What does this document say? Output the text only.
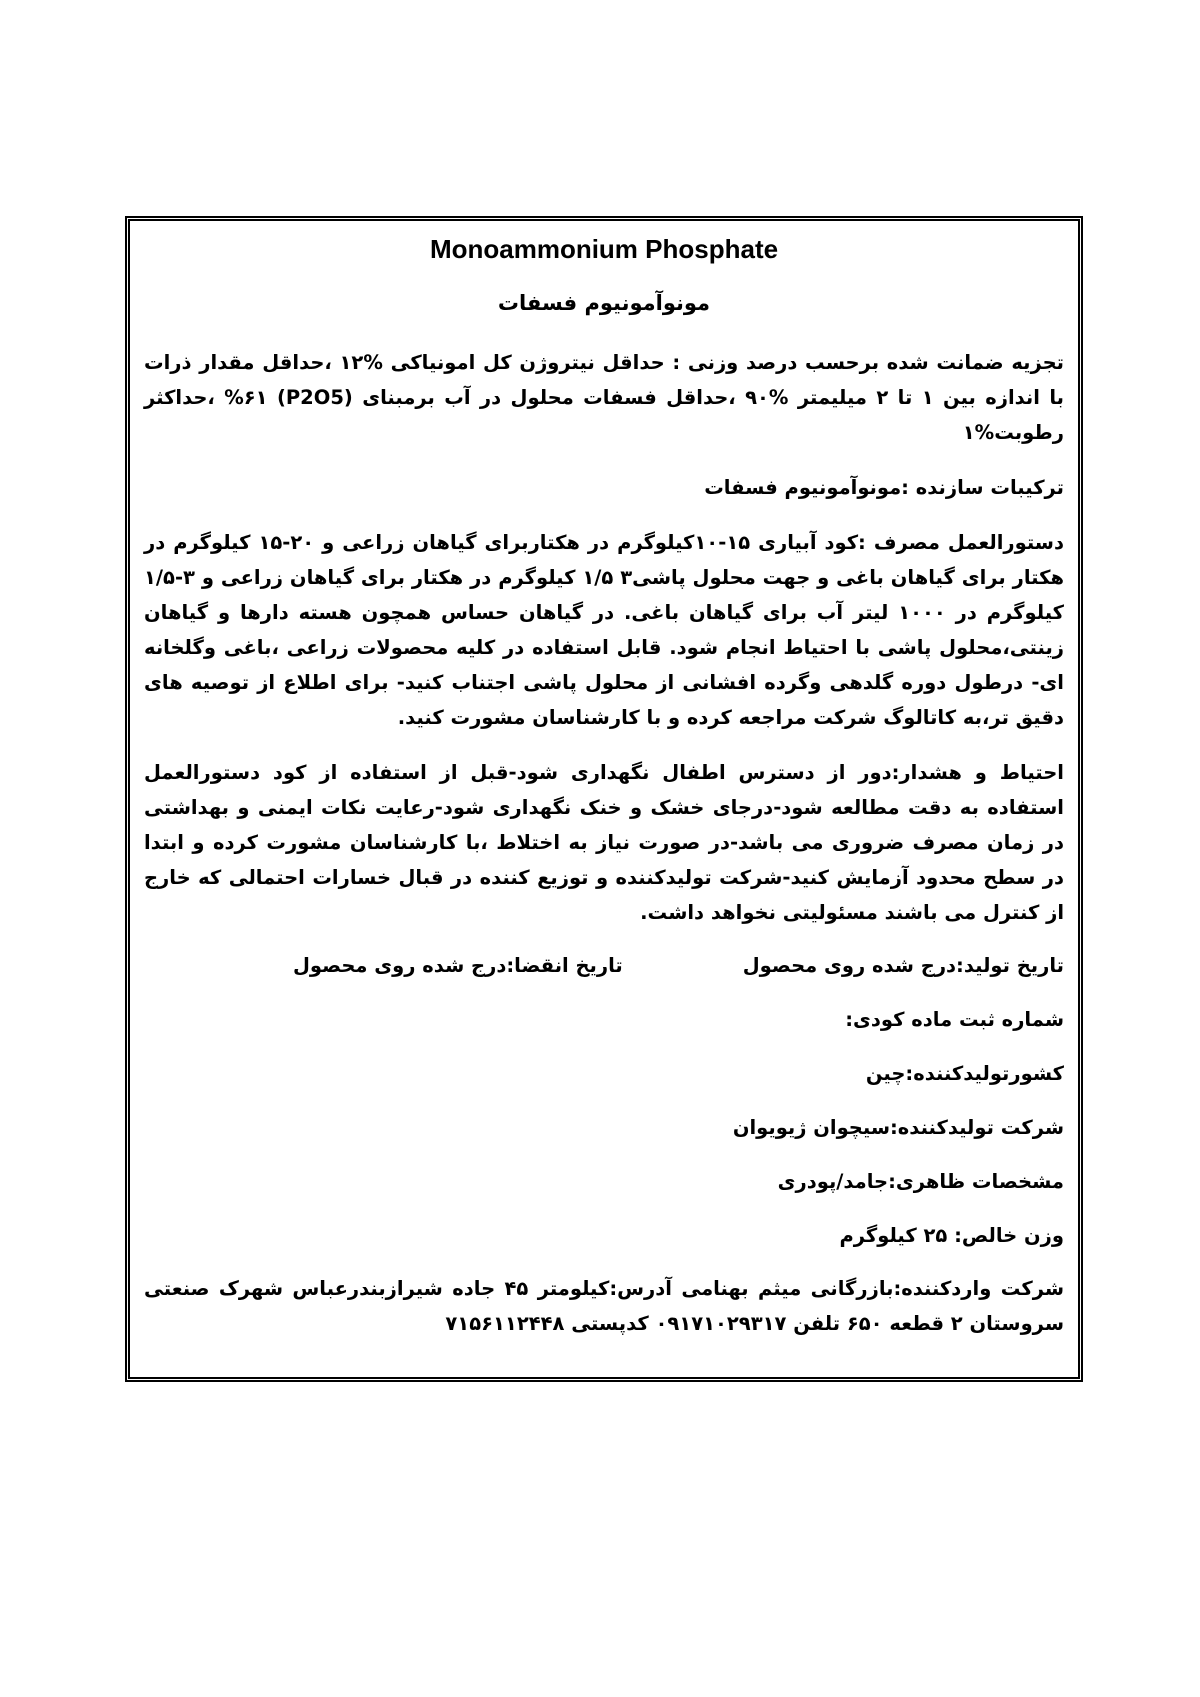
Monoammonium Phosphate
مونوآمونیوم فسفات

تجزیه ضمانت شده برحسب درصد وزنی : حداقل نیتروژن کل امونیاکی %۱۲ ،حداقل مقدار ذرات با اندازه بین ۱ تا ۲ میلیمتر %۹۰ ،حداقل فسفات محلول در آب برمبنای (P2O5) %۶۱ ،حداکثر رطوبت%۱

ترکیبات سازنده :مونوآمونیوم فسفات

دستورالعمل مصرف :کود آبیاری ۱۵-۱۰کیلوگرم در هکتاربرای گیاهان زراعی و ۲۰-۱۵ کیلوگرم در هکتار برای گیاهان باغی و جهت محلول پاشی۳ ۱/۵ کیلوگرم در هکتار برای گیاهان زراعی و ۳-۱/۵ کیلوگرم در ۱۰۰۰ لیتر آب برای گیاهان باغی. در گیاهان حساس همچون هسته دارها و گیاهان زینتی،محلول پاشی با احتیاط انجام شود. قابل استفاده در کلیه محصولات زراعی ،باغی وگلخانه ای- درطول دوره گلدهی وگرده افشانی از محلول پاشی اجتناب کنید- برای اطلاع از توصیه های دقیق تر،به کاتالوگ شرکت مراجعه کرده و با کارشناسان مشورت کنید.

احتیاط و هشدار:دور از دسترس اطفال نگهداری شود-قبل از استفاده از کود دستورالعمل استفاده به دقت مطالعه شود-درجای خشک و خنک نگهداری شود-رعایت نکات ایمنی و بهداشتی در زمان مصرف ضروری می باشد-در صورت نیاز به اختلاط ،با کارشناسان مشورت کرده و ابتدا در سطح محدود آزمایش کنید-شرکت تولیدکننده و توزیع کننده در قبال خسارات احتمالی که خارج از کنترل می باشند مسئولیتی نخواهد داشت.

تاریخ تولید:درج شده روی محصول
تاریخ انقضا:درج شده روی محصول
شماره ثبت ماده کودی:
کشورتولیدکننده:چین
شرکت تولیدکننده:سیچوان ژیویوان
مشخصات ظاهری:جامد/پودری
وزن خالص: ۲۵ کیلوگرم

شرکت واردکننده:بازرگانی میثم بهنامی آدرس:کیلومتر ۴۵ جاده شیرازبندرعباس شهرک صنعتی سروستان ۲ قطعه ۶۵۰ تلفن ۰۹۱۷۱۰۲۹۳۱۷ کدپستی ۷۱۵۶۱۱۲۴۴۸
